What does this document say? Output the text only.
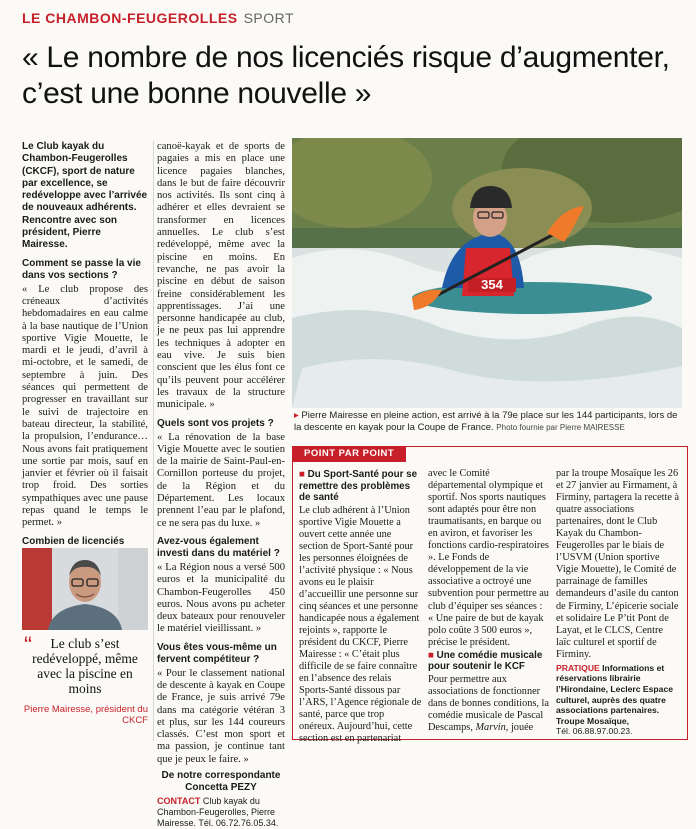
LE CHAMBON-FEUGEROLLES SPORT
« Le nombre de nos licenciés risque d’augmenter, c’est une bonne nouvelle »

Le Club kayak du Chambon-Feugerolles (CKCF), sport de nature par excellence, se redéveloppe avec l’arrivée de nouveaux adhérents. Rencontre avec son président, Pierre Mairesse.

Comment se passe la vie dans vos sections ?

« Le club propose des créneaux d’activités hebdomadaires en eau calme à la base nautique de l’Union sportive Vigie Mouette, le mardi et le jeudi, d’avril à mi-octobre, et le samedi, de septembre à juin. Des séances qui permettent de progresser en travaillant sur le suivi de trajectoire en bateau directeur, la stabilité, la propulsion, l’endurance… Nous avons fait pratiquement une sortie par mois, sauf en janvier et février où il faisait trop froid. Des sorties sympathiques avec une pause repas quand le temps le permet. »

Combien de licenciés

“	Le club s’est redéveloppé, même avec la piscine en moins
Pierre Mairesse, président du CKCF

canoë-kayak et de sports de pagaies a mis en place une licence pagaies blanches, dans le but de faire découvrir nos activités. Ils sont cinq à adhérer et elles devraient se transformer en licences annuelles. Le club s’est redéveloppé, même avec la piscine en moins. En revanche, ne pas avoir la piscine en début de saison freine considérablement les apprentissages. J’ai une personne handicapée au club, je ne peux pas lui apprendre les techniques à adopter en eau vive. Je suis bien conscient que les élus font ce qu’ils peuvent pour accélérer les travaux de la structure municipale. »

Quels sont vos projets ?

« La rénovation de la base Vigie Mouette avec le soutien de la mairie de Saint-Paul-en-Cornillon porteuse du projet, de la Région et du Département. Les locaux prennent l’eau par le plafond, ce ne sera pas du luxe. »

Avez-vous également investi dans du matériel ?

« La Région nous a versé 500 euros et la municipalité du Chambon-Feugerolles 450 euros. Nous avons pu acheter deux bateaux pour renouveler le matériel vieillissant. »

Vous êtes vous-même un fervent compétiteur ?

« Pour le classement national de descente à kayak en Coupe de France, je suis arrivé 79e dans ma catégorie vétéran 3 et plus, sur les 144 coureurs classés. C’est mon sport et ma passion, je continue tant que je peux le faire. »

De notre correspondante
Concetta PEZY
CONTACT Club kayak du Chambon-Feugerolles, Pierre Mairesse. Tél. 06.72.76.05.34.
354
▸ Pierre Mairesse en pleine action, est arrivé à la 79e place sur les 144 participants, lors de la descente en kayak pour la Coupe de France. Photo fournie par Pierre MAIRESSE
POINT PAR POINT
■ Du Sport-Santé pour se remettre des problèmes de santé

Le club adhérent à l’Union sportive Vigie Mouette a ouvert cette année une section de Sport-Santé pour les personnes éloignées de l’activité physique : « Nous avons eu le plaisir d’accueillir une personne sur cinq séances et une personne handicapée nous a également rejoints », rapporte le président du CKCF, Pierre Mairesse : « C’était plus difficile de se faire connaître en l’absence des relais Sports-Santé dissous par l’ARS, l’Agence régionale de santé, parce que trop onéreux. Aujourd’hui, cette section est en partenariat

avec le Comité départemental olympique et sportif. Nos sports nautiques sont adaptés pour être non traumatisants, en barque ou en aviron, et favoriser les fonctions cardio-respiratoires ». Le Fonds de développement de la vie associative a octroyé une subvention pour permettre au club d’équiper ses séances : « Une paire de but de kayak polo coûte 3 500 euros », précise le président.

■ Une comédie musicale pour soutenir le KCF

Pour permettre aux associations de fonctionner dans de bonnes conditions, la comédie musicale de Pascal Descamps, Marvin, jouée

par la troupe Mosaïque les 26 et 27 janvier au Firmament, à Firminy, partagera la recette à quatre associations partenaires, dont le Club Kayak du Chambon-Feugerolles par le biais de l’USVM (Union sportive Vigie Mouette), le Comité de parrainage de familles demandeurs d’asile du canton de Firminy, L’épicerie sociale et solidaire Le P’tit Pont de Layat, et le CLCS, Centre laïc culturel et sportif de Firminy.

PRATIQUE Informations et réservations librairie l’Hirondaine, Leclerc Espace culturel, auprès des quatre associations partenaires. Troupe Mosaïque,
Tél. 06.88.97.00.23.
